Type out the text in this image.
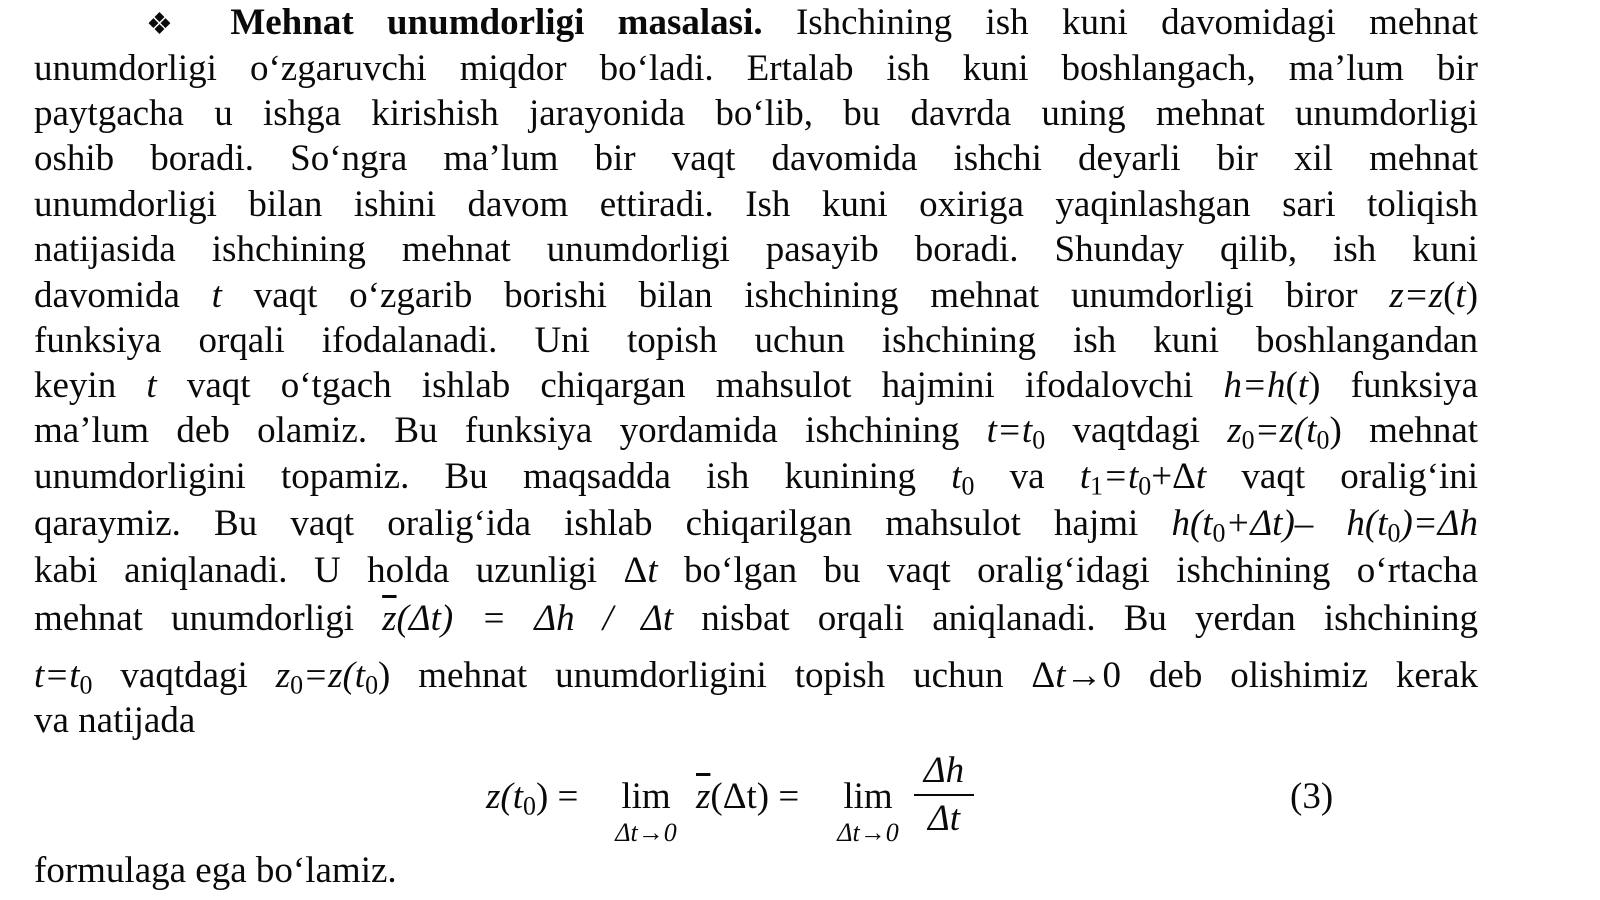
❖ Mehnat unumdorligi masalasi. Ishchining ish kuni davomidagi mehnat
unumdorligi o‘zgaruvchi miqdor bo‘ladi. Ertalab ish kuni boshlangach, ma’lum bir
paytgacha u ishga kirishish jarayonida bo‘lib, bu davrda uning mehnat unumdorligi
oshib boradi. So‘ngra ma’lum bir vaqt davomida ishchi deyarli bir xil mehnat
unumdorligi bilan ishini davom ettiradi. Ish kuni oxiriga yaqinlashgan sari toliqish
natijasida ishchining mehnat unumdorligi pasayib boradi. Shunday qilib, ish kuni
davomida t vaqt o‘zgarib borishi bilan ishchining mehnat unumdorligi biror z=z(t)
funksiya orqali ifodalanadi. Uni topish uchun ishchining ish kuni boshlangandan
keyin t vaqt o‘tgach ishlab chiqargan mahsulot hajmini ifodalovchi h=h(t) funksiya
ma’lum deb olamiz. Bu funksiya yordamida ishchining $t=t_0$ vaqtdagi $z_0=z(t_0)$ mehnat
unumdorligini topamiz. Bu maqsadda ish kunining $t_0$ va $t_1=t_0+\Delta t$ vaqt oralig‘ini
qaraymiz. Bu vaqt oralig‘ida ishlab chiqarilgan mahsulot hajmi $h(t_0+\Delta t)-$ $h(t_0)=\Delta h$
kabi aniqlanadi. U holda uzunligi Δt bo‘lgan bu vaqt oralig‘idagi ishchining o‘rtacha
mehnat unumdorligi $\overline{z}(\Delta t) = \Delta h / \Delta t$ nisbat orqali aniqlanadi. Bu yerdan ishchining
$t=t_0$ vaqtdagi $z_0=z(t_0)$ mehnat unumdorligini topish uchun Δt→0 deb olishimiz kerak
va natijada
$z(t_0)$ =	lim
Δt→0
$\overline{z}(\Delta t)$ =	lim
Δt→0
Δh
Δt
(3)
formulaga ega bo‘lamiz.
